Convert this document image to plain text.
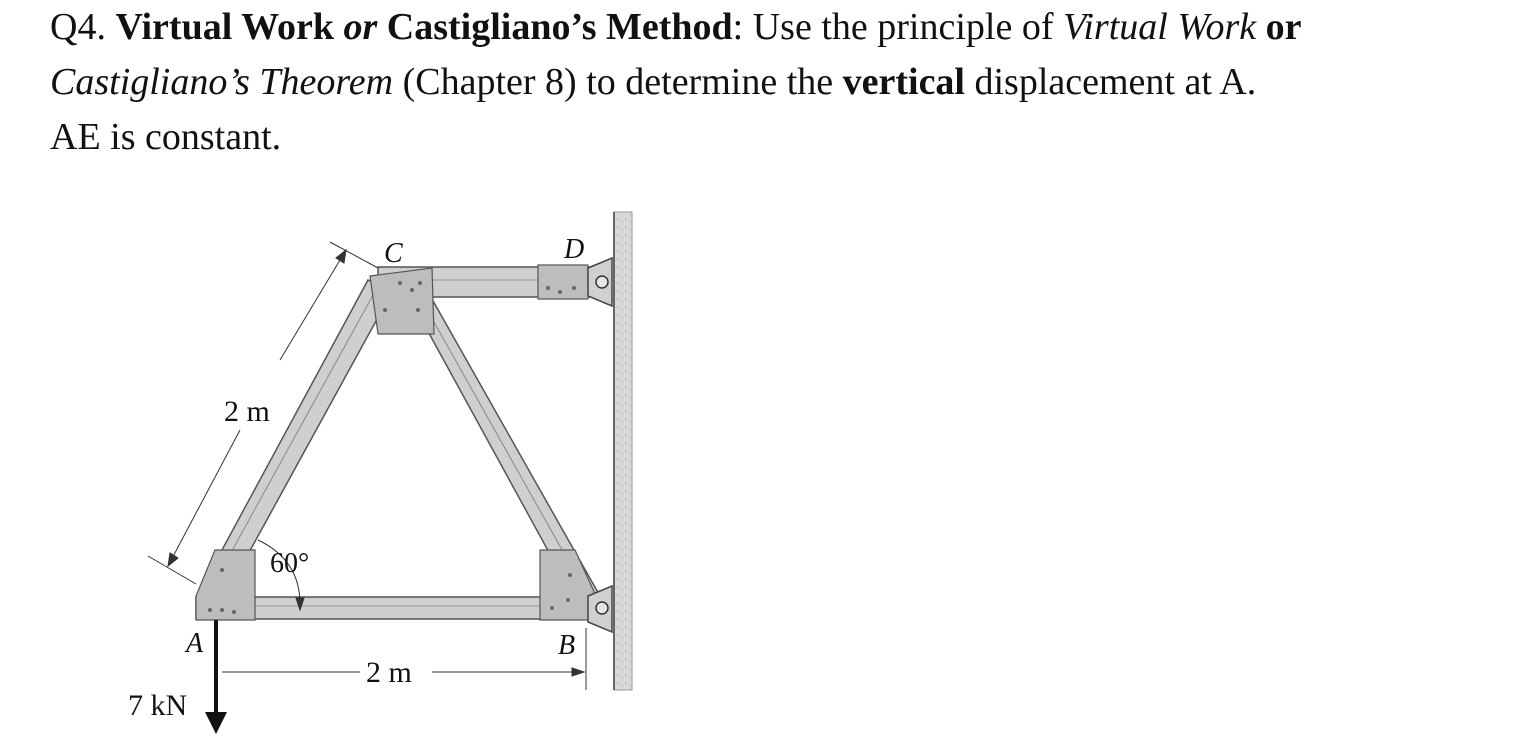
Q4. Virtual Work or Castigliano’s Method: Use the principle of Virtual Work or
Castigliano’s Theorem (Chapter 8) to determine the vertical displacement at A.
AE is constant.
C	D
A	B
2 m
2 m
60°
7 kN
